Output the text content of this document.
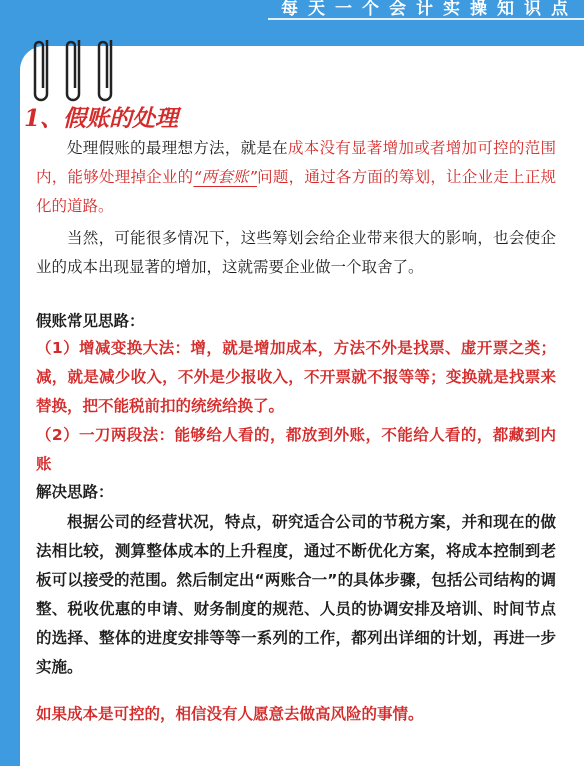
每天一个会计实操知识点
1、假账的处理
处理假账的最理想方法，就是在成本没有显著增加或者增加可控的范围内，能够处理掉企业的“两套账”问题，通过各方面的筹划，让企业走上正规化的道路。
当然，可能很多情况下，这些筹划会给企业带来很大的影响，也会使企业的成本出现显著的增加，这就需要企业做一个取舍了。
假账常见思路：
（1）增减变换大法：增，就是增加成本，方法不外是找票、虚开票之类；减，就是减少收入，不外是少报收入，不开票就不报等等；变换就是找票来替换，把不能税前扣的统统给换了。
（2）一刀两段法：能够给人看的，都放到外账，不能给人看的，都藏到内账
解决思路：
根据公司的经营状况，特点，研究适合公司的节税方案，并和现在的做法相比较，测算整体成本的上升程度，通过不断优化方案，将成本控制到老板可以接受的范围。然后制定出“两账合一”的具体步骤，包括公司结构的调整、税收优惠的申请、财务制度的规范、人员的协调安排及培训、时间节点的选择、整体的进度安排等等一系列的工作，都列出详细的计划，再进一步实施。
如果成本是可控的，相信没有人愿意去做高风险的事情。
